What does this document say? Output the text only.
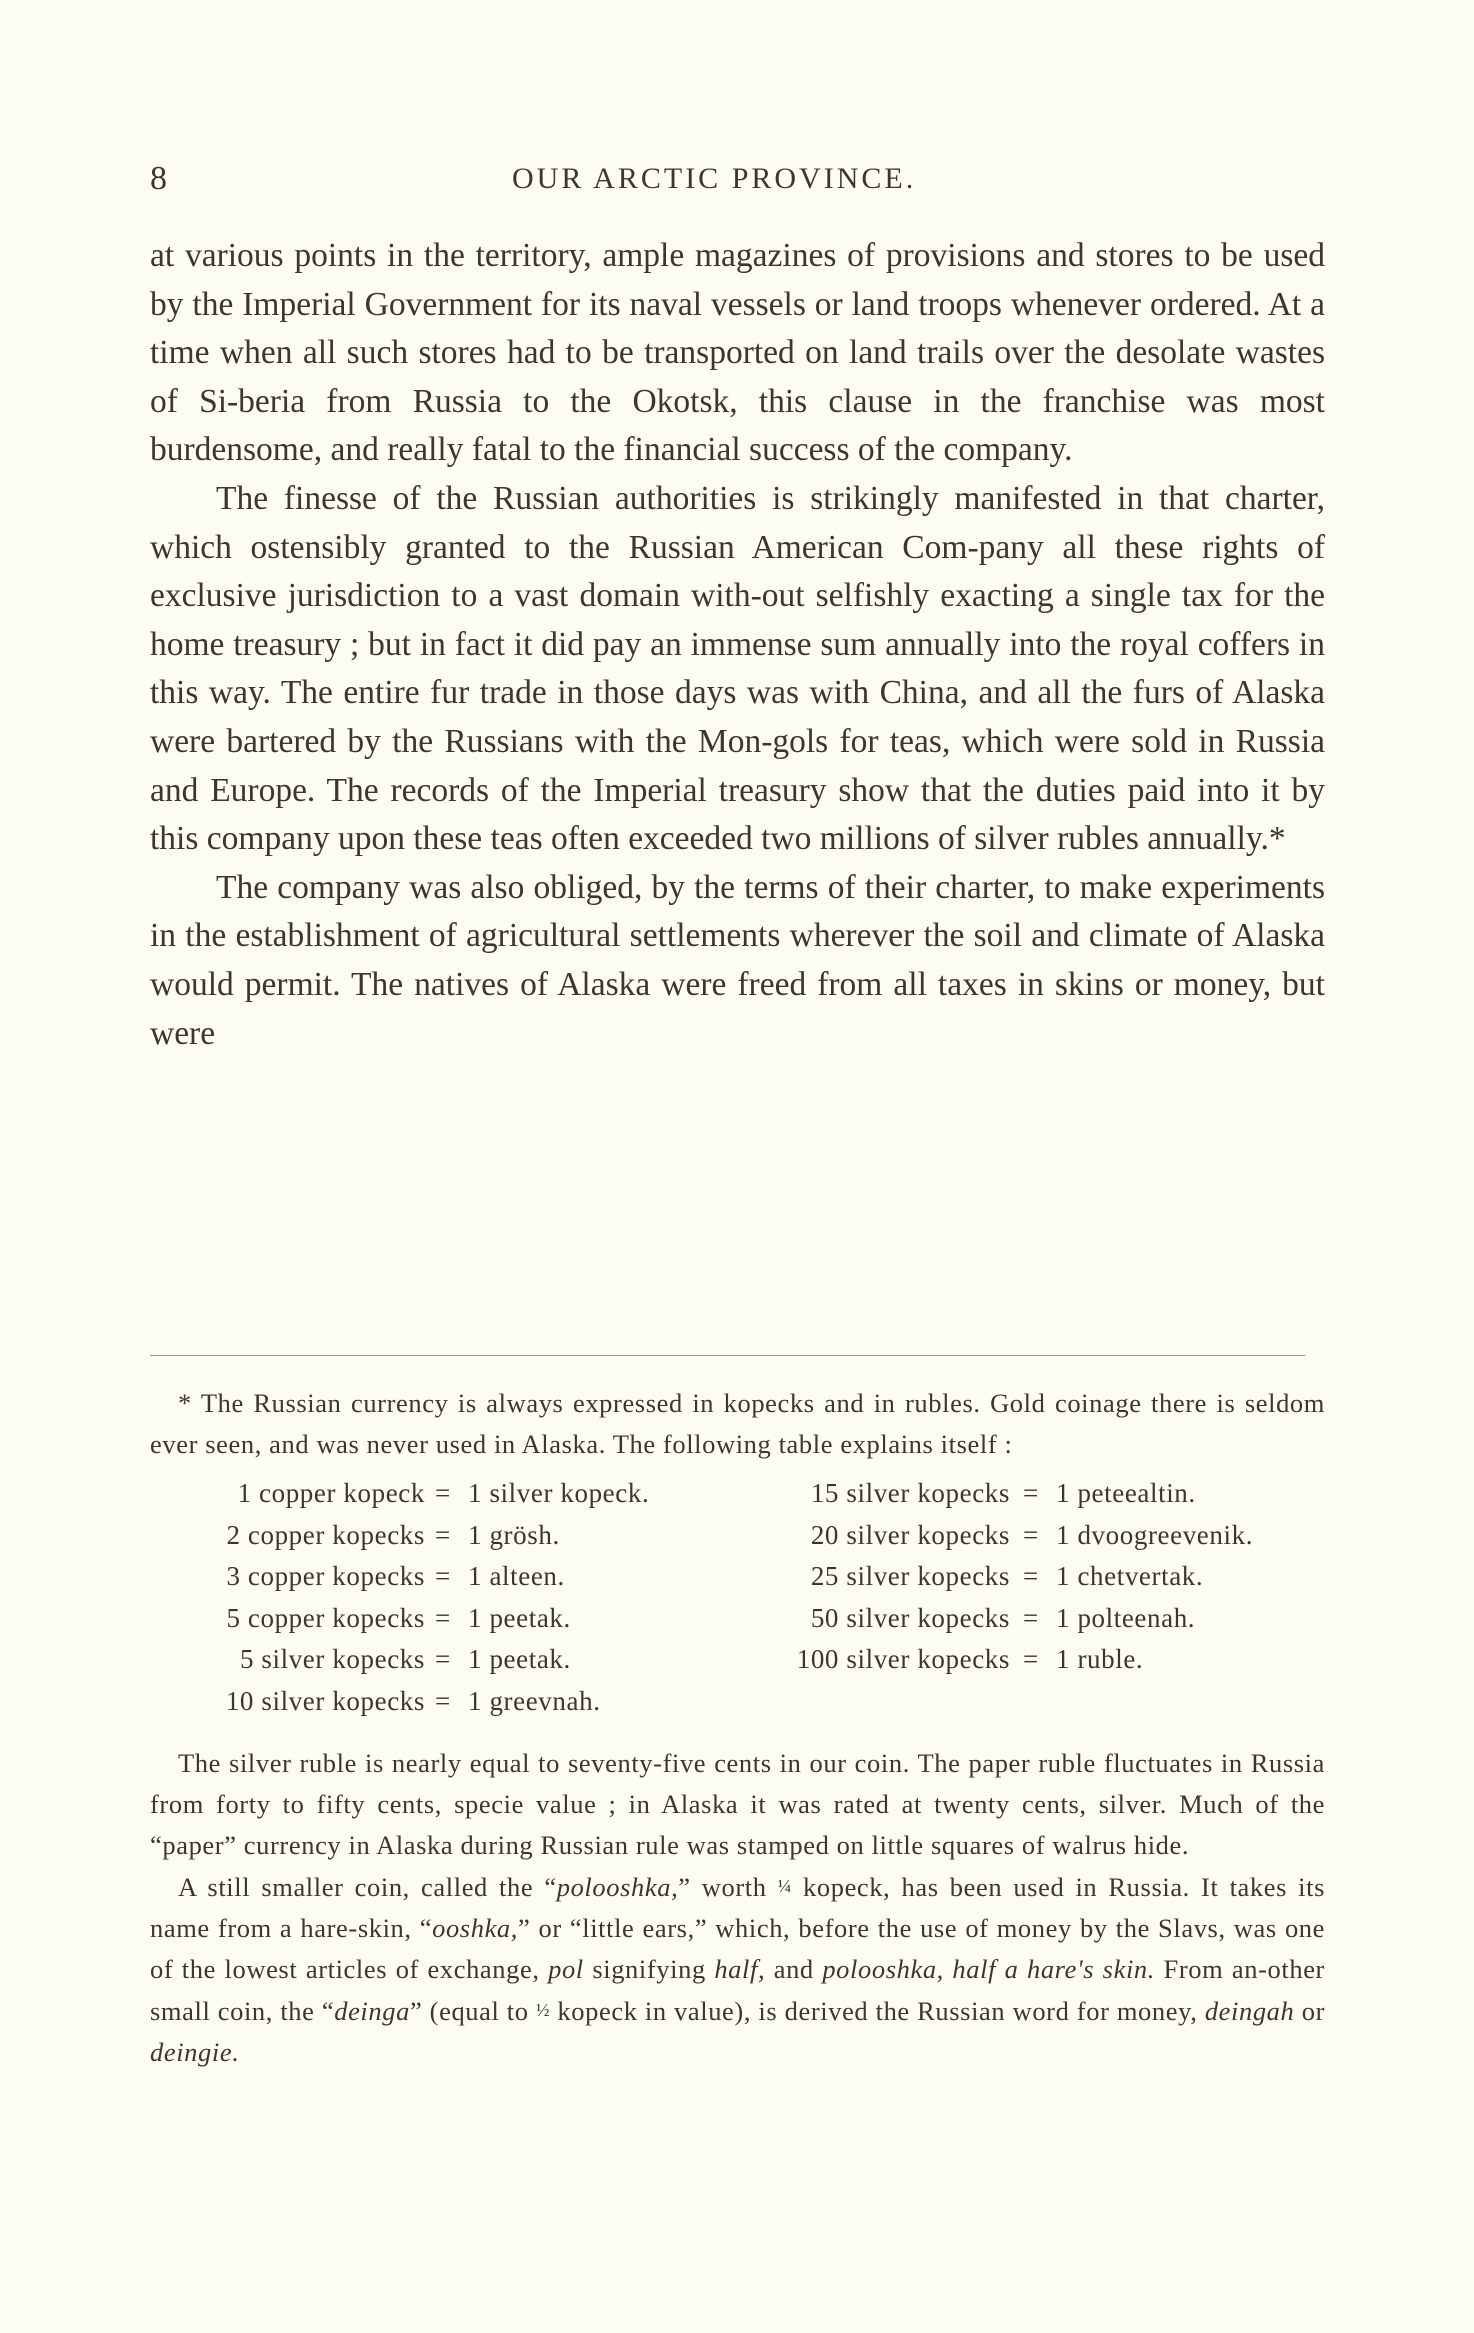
8	OUR ARCTIC PROVINCE.

at various points in the territory, ample magazines of provisions and stores to be used by the Imperial Government for its naval vessels or land troops whenever ordered. At a time when all such stores had to be transported on land trails over the desolate wastes of Si-beria from Russia to the Okotsk, this clause in the franchise was most burdensome, and really fatal to the financial success of the company.

The finesse of the Russian authorities is strikingly manifested in that charter, which ostensibly granted to the Russian American Com-pany all these rights of exclusive jurisdiction to a vast domain with-out selfishly exacting a single tax for the home treasury ; but in fact it did pay an immense sum annually into the royal coffers in this way. The entire fur trade in those days was with China, and all the furs of Alaska were bartered by the Russians with the Mon-gols for teas, which were sold in Russia and Europe. The records of the Imperial treasury show that the duties paid into it by this company upon these teas often exceeded two millions of silver rubles annually.*

The company was also obliged, by the terms of their charter, to make experiments in the establishment of agricultural settlements wherever the soil and climate of Alaska would permit. The natives of Alaska were freed from all taxes in skins or money, but were

* The Russian currency is always expressed in kopecks and in rubles. Gold coinage there is seldom ever seen, and was never used in Alaska. The following table explains itself :

1 copper kopeck = 1 silver kopeck.
2 copper kopecks = 1 grösh.
3 copper kopecks = 1 alteen.
5 copper kopecks = 1 peetak.
5 silver kopecks = 1 peetak.
10 silver kopecks = 1 greevnah.
15 silver kopecks = 1 peteealtin.
20 silver kopecks = 1 dvoogreevenik.
25 silver kopecks = 1 chetvertak.
50 silver kopecks = 1 polteenah.
100 silver kopecks = 1 ruble.

The silver ruble is nearly equal to seventy-five cents in our coin. The paper ruble fluctuates in Russia from forty to fifty cents, specie value ; in Alaska it was rated at twenty cents, silver. Much of the “paper” currency in Alaska during Russian rule was stamped on little squares of walrus hide.

A still smaller coin, called the “polooshka,” worth ¼ kopeck, has been used in Russia. It takes its name from a hare-skin, “ooshka,” or “little ears,” which, before the use of money by the Slavs, was one of the lowest articles of exchange, pol signifying half, and polooshka, half a hare's skin. From an-other small coin, the “deinga” (equal to ½ kopeck in value), is derived the Russian word for money, deingah or deingie.
